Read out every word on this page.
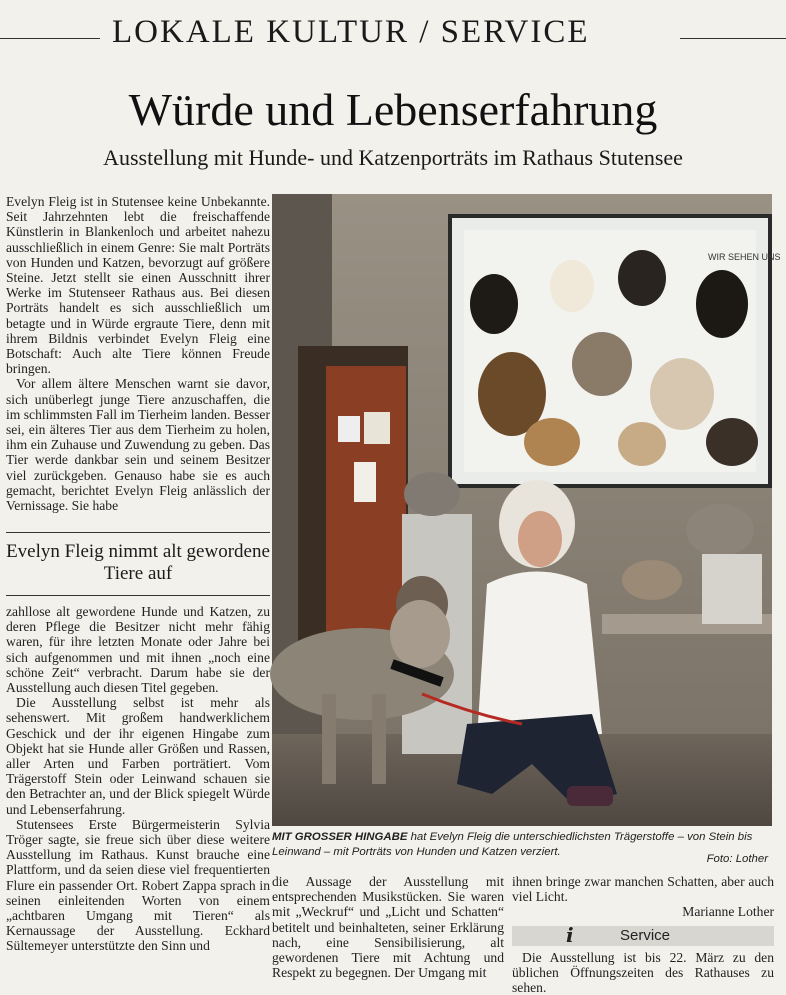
LOKALE KULTUR / SERVICE
Würde und Lebenserfahrung
Ausstellung mit Hunde- und Katzenporträts im Rathaus Stutensee

Evelyn Fleig ist in Stutensee keine Unbekannte. Seit Jahrzehnten lebt die freischaffende Künstlerin in Blankenloch und arbeitet nahezu ausschließlich in einem Genre: Sie malt Porträts von Hunden und Katzen, bevorzugt auf größere Steine. Jetzt stellt sie einen Ausschnitt ihrer Werke im Stutenseer Rathaus aus. Bei diesen Porträts handelt es sich ausschließlich um betagte und in Würde ergraute Tiere, denn mit ihrem Bildnis verbindet Evelyn Fleig eine Botschaft: Auch alte Tiere können Freude bringen.

Vor allem ältere Menschen warnt sie davor, sich unüberlegt junge Tiere anzuschaffen, die im schlimmsten Fall im Tierheim landen. Besser sei, ein älteres Tier aus dem Tierheim zu holen, ihm ein Zuhause und Zuwendung zu geben. Das Tier werde dankbar sein und seinem Besitzer viel zurückgeben. Genauso habe sie es auch gemacht, berichtet Evelyn Fleig anlässlich der Vernissage. Sie habe

Evelyn Fleig nimmt alt gewordene Tiere auf

zahllose alt gewordene Hunde und Katzen, zu deren Pflege die Besitzer nicht mehr fähig waren, für ihre letzten Monate oder Jahre bei sich aufgenommen und mit ihnen „noch eine schöne Zeit“ verbracht. Darum habe sie der Ausstellung auch diesen Titel gegeben.

Die Ausstellung selbst ist mehr als sehenswert. Mit großem handwerklichem Geschick und der ihr eigenen Hingabe zum Objekt hat sie Hunde aller Größen und Rassen, aller Arten und Farben porträtiert. Vom Trägerstoff Stein oder Leinwand schauen sie den Betrachter an, und der Blick spiegelt Würde und Lebenserfahrung.

Stutensees Erste Bürgermeisterin Sylvia Tröger sagte, sie freue sich über diese weitere Ausstellung im Rathaus. Kunst brauche eine Plattform, und da seien diese viel frequentierten Flure ein passender Ort. Robert Zappa sprach in seinen einleitenden Worten von einem „achtbaren Umgang mit Tieren“ als Kernaussage der Ausstellung. Eckhard Sültemeyer unterstützte den Sinn und

WIR SEHEN UNS
MIT GROSSER HINGABE hat Evelyn Fleig die unterschiedlichsten Trägerstoffe – von Stein bis Leinwand – mit Porträts von Hunden und Katzen verziert.
Foto: Lother

die Aussage der Ausstellung mit entsprechenden Musikstücken. Sie waren mit „Weckruf“ und „Licht und Schatten“ betitelt und beinhalteten, seiner Erklärung nach, eine Sensibilisierung, alt gewordenen Tiere mit Achtung und Respekt zu begegnen. Der Umgang mit

ihnen bringe zwar manchen Schatten, aber auch viel Licht.

Marianne Lother

i	Service

Die Ausstellung ist bis 22. März zu den üblichen Öffnungszeiten des Rathauses zu sehen.
